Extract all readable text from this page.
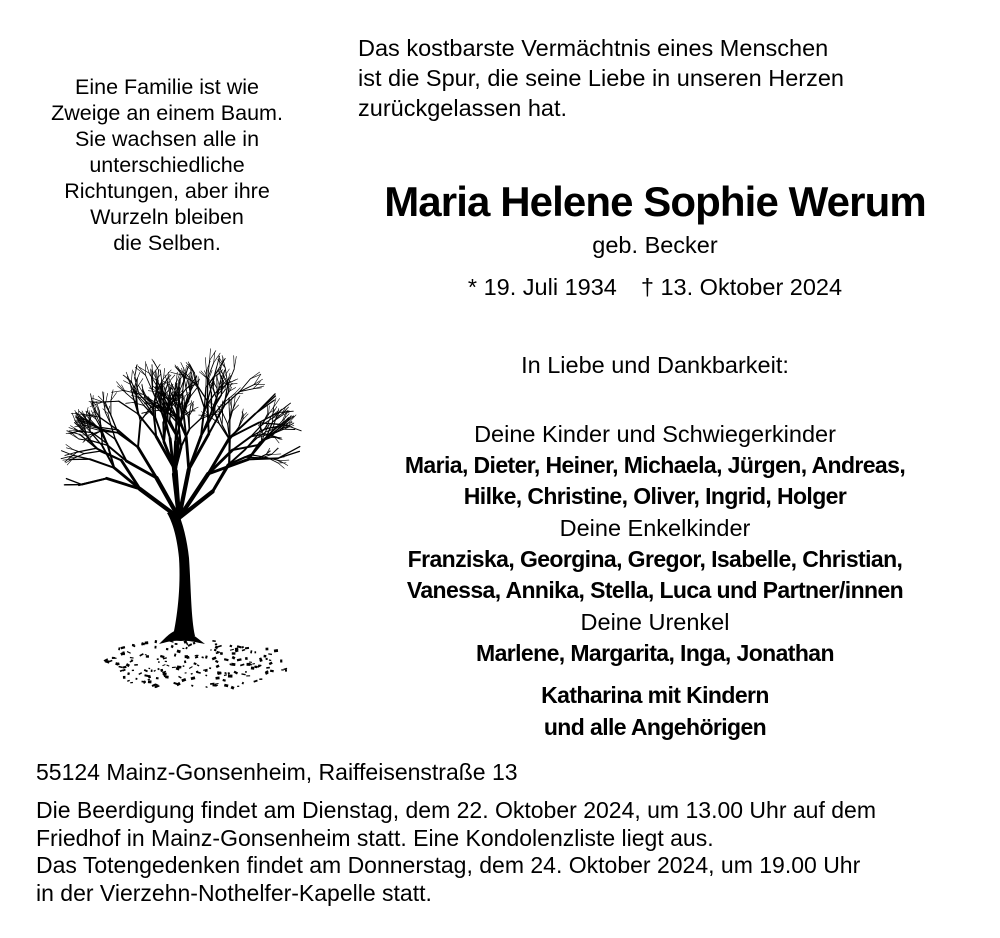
Eine Familie ist wie
Zweige an einem Baum.
Sie wachsen alle in
unterschiedliche
Richtungen, aber ihre
Wurzeln bleiben
die Selben.
Das kostbarste Vermächtnis eines Menschen
ist die Spur, die seine Liebe in unseren Herzen
zurückgelassen hat.
Maria Helene Sophie Werum
geb. Becker
* 19. Juli 1934 † 13. Oktober 2024
In Liebe und Dankbarkeit:
Deine Kinder und Schwiegerkinder
Maria, Dieter, Heiner, Michaela, Jürgen, Andreas,
Hilke, Christine, Oliver, Ingrid, Holger
Deine Enkelkinder
Franziska, Georgina, Gregor, Isabelle, Christian,
Vanessa, Annika, Stella, Luca und Partner/innen
Deine Urenkel
Marlene, Margarita, Inga, Jonathan
Katharina mit Kindern
und alle Angehörigen
55124 Mainz-Gonsenheim, Raiffeisenstraße 13
Die Beerdigung findet am Dienstag, dem 22. Oktober 2024, um 13.00 Uhr auf dem
Friedhof in Mainz-Gonsenheim statt. Eine Kondolenzliste liegt aus.
Das Totengedenken findet am Donnerstag, dem 24. Oktober 2024, um 19.00 Uhr
in der Vierzehn-Nothelfer-Kapelle statt.
